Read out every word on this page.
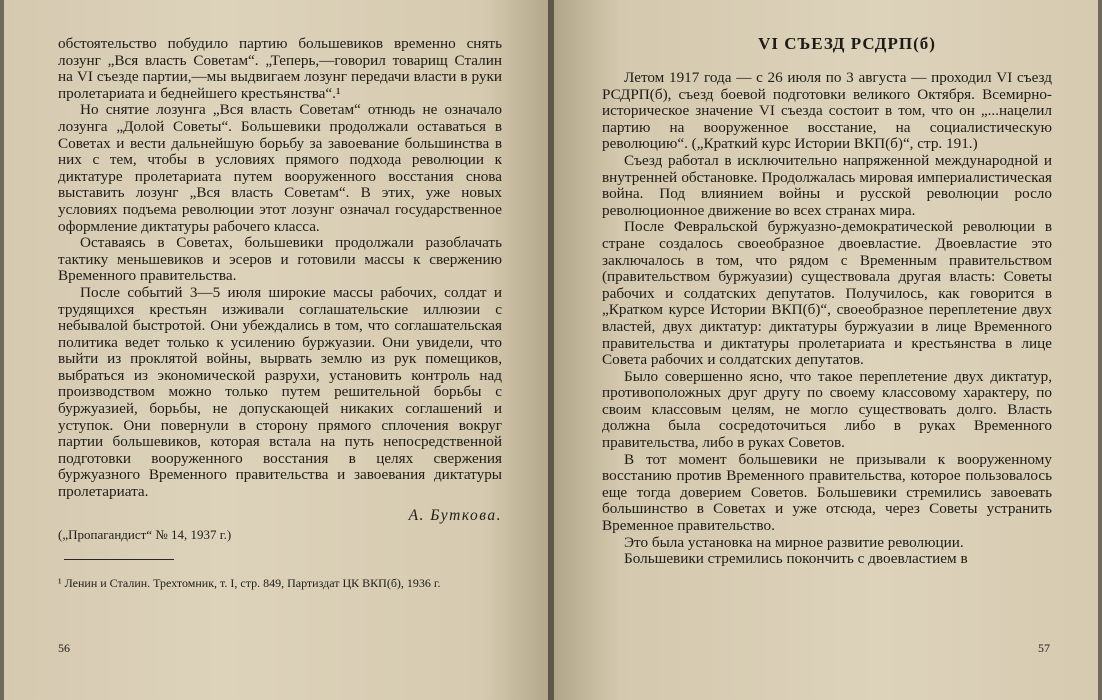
обстоятельство побудило партию большевиков временно снять лозунг „Вся власть Советам“. „Теперь,—говорил товарищ Сталин на VI съезде партии,—мы выдвигаем лозунг передачи власти в руки пролетариата и беднейшего крестьянства“.¹

Но снятие лозунга „Вся власть Советам“ отнюдь не означало лозунга „Долой Советы“. Большевики продолжали оставаться в Советах и вести дальнейшую борьбу за завоевание большинства в них с тем, чтобы в условиях прямого подхода революции к диктатуре пролетариата путем вооруженного восстания снова выставить лозунг „Вся власть Советам“. В этих, уже новых условиях подъема революции этот лозунг означал государственное оформление диктатуры рабочего класса.

Оставаясь в Советах, большевики продолжали разоблачать тактику меньшевиков и эсеров и готовили массы к свержению Временного правительства.

После событий 3—5 июля широкие массы рабочих, солдат и трудящихся крестьян изживали соглашательские иллюзии с небывалой быстротой. Они убеждались в том, что соглашательская политика ведет только к усилению буржуазии. Они увидели, что выйти из проклятой войны, вырвать землю из рук помещиков, выбраться из экономической разрухи, установить контроль над производством можно только путем решительной борьбы с буржуазией, борьбы, не допускающей никаких соглашений и уступок. Они повернули в сторону прямого сплочения вокруг партии большевиков, которая встала на путь непосредственной подготовки вооруженного восстания в целях свержения буржуазного Временного правительства и завоевания диктатуры пролетариата.

А. Буткова.
(„Пропагандист“ № 14, 1937 г.)
¹ Ленин и Сталин. Трехтомник, т. I, стр. 849, Партиздат ЦК ВКП(б), 1936 г.
56
VI СЪЕЗД РСДРП(б)

Летом 1917 года — с 26 июля по 3 августа — проходил VI съезд РСДРП(б), съезд боевой подготовки великого Октября. Всемирно-историческое значение VI съезда состоит в том, что он „...нацелил партию на вооруженное восстание, на социалистическую революцию“. („Краткий курс Истории ВКП(б)“, стр. 191.)

Съезд работал в исключительно напряженной международной и внутренней обстановке. Продолжалась мировая империалистическая война. Под влиянием войны и русской революции росло революционное движение во всех странах мира.

После Февральской буржуазно-демократической революции в стране создалось своеобразное двоевластие. Двоевластие это заключалось в том, что рядом с Временным правительством (правительством буржуазии) существовала другая власть: Советы рабочих и солдатских депутатов. Получилось, как говорится в „Кратком курсе Истории ВКП(б)“, своеобразное переплетение двух властей, двух диктатур: диктатуры буржуазии в лице Временного правительства и диктатуры пролетариата и крестьянства в лице Совета рабочих и солдатских депутатов.

Было совершенно ясно, что такое переплетение двух диктатур, противоположных друг другу по своему классовому характеру, по своим классовым целям, не могло существовать долго. Власть должна была сосредоточиться либо в руках Временного правительства, либо в руках Советов.

В тот момент большевики не призывали к вооруженному восстанию против Временного правительства, которое пользовалось еще тогда доверием Советов. Большевики стремились завоевать большинство в Советах и уже отсюда, через Советы устранить Временное правительство.

Это была установка на мирное развитие революции.

Большевики стремились покончить с двоевластием в

57
